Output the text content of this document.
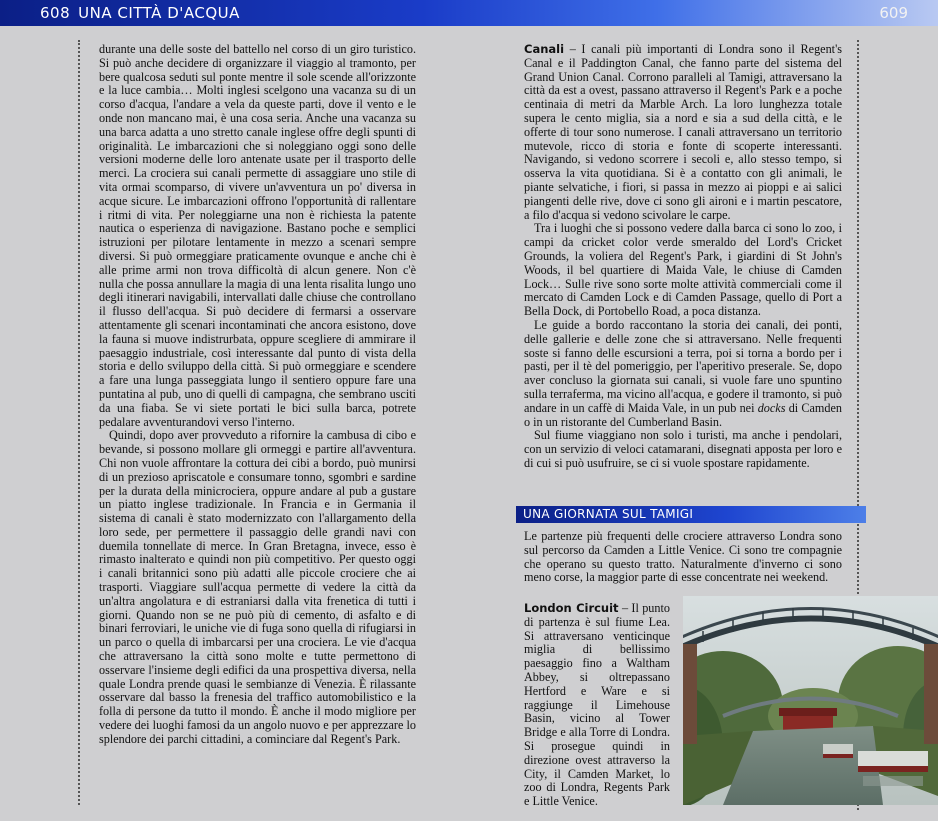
608 UNA CITTÀ D'ACQUA	609

durante una delle soste del battello nel corso di un giro turistico. Si può anche decidere di organizzare il viaggio al tramonto, per bere qualcosa seduti sul ponte mentre il sole scende all'orizzonte e la luce cambia… Molti inglesi scelgono una vacanza su di un corso d'acqua, l'andare a vela da queste parti, dove il vento e le onde non mancano mai, è una cosa seria. Anche una vacanza su una barca adatta a uno stretto canale inglese offre degli spunti di originalità. Le imbarcazioni che si noleggiano oggi sono delle versioni moderne delle loro antenate usate per il trasporto delle merci. La crociera sui canali permette di assaggiare uno stile di vita ormai scomparso, di vivere un'avventura un po' diversa in acque sicure. Le imbarcazioni offrono l'opportunità di rallentare i ritmi di vita. Per noleggiarne una non è richiesta la patente nautica o esperienza di navigazione. Bastano poche e semplici istruzioni per pilotare lentamente in mezzo a scenari sempre diversi. Si può ormeggiare praticamente ovunque e anche chi è alle prime armi non trova difficoltà di alcun genere. Non c'è nulla che possa annullare la magia di una lenta risalita lungo uno degli itinerari navigabili, intervallati dalle chiuse che controllano il flusso dell'acqua. Si può decidere di fermarsi a osservare attentamente gli scenari incontaminati che ancora esistono, dove la fauna si muove indistrurbata, oppure scegliere di ammirare il paesaggio industriale, così interessante dal punto di vista della storia e dello sviluppo della città. Si può ormeggiare e scendere a fare una lunga passeggiata lungo il sentiero oppure fare una puntatina al pub, uno di quelli di campagna, che sembrano usciti da una fiaba. Se vi siete portati le bici sulla barca, potrete pedalare avventurandovi verso l'interno.

Quindi, dopo aver provveduto a rifornire la cambusa di cibo e bevande, si possono mollare gli ormeggi e partire all'avventura. Chi non vuole affrontare la cottura dei cibi a bordo, può munirsi di un prezioso apriscatole e consumare tonno, sgombri e sardine per la durata della minicrociera, oppure andare al pub a gustare un piatto inglese tradizionale. In Francia e in Germania il sistema di canali è stato modernizzato con l'allargamento della loro sede, per permettere il passaggio delle grandi navi con duemila tonnellate di merce. In Gran Bretagna, invece, esso è rimasto inalterato e quindi non più competitivo. Per questo oggi i canali britannici sono più adatti alle piccole crociere che ai trasporti. Viaggiare sull'acqua permette di vedere la città da un'altra angolatura e di estraniarsi dalla vita frenetica di tutti i giorni. Quando non se ne può più di cemento, di asfalto e di binari ferroviari, le uniche vie di fuga sono quella di rifugiarsi in un parco o quella di imbarcarsi per una crociera. Le vie d'acqua che attraversano la città sono molte e tutte permettono di osservare l'insieme degli edifici da una prospettiva diversa, nella quale Londra prende quasi le sembianze di Venezia. È rilassante osservare dal basso la frenesia del traffico automobilistico e la folla di persone da tutto il mondo. È anche il modo migliore per vedere dei luoghi famosi da un angolo nuovo e per apprezzare lo splendore dei parchi cittadini, a cominciare dal Regent's Park.

Canali – I canali più importanti di Londra sono il Regent's Canal e il Paddington Canal, che fanno parte del sistema del Grand Union Canal. Corrono paralleli al Tamigi, attraversano la città da est a ovest, passano attraverso il Regent's Park e a poche centinaia di metri da Marble Arch. La loro lunghezza totale supera le cento miglia, sia a nord e sia a sud della città, e le offerte di tour sono numerose. I canali attraversano un territorio mutevole, ricco di storia e fonte di scoperte interessanti. Navigando, si vedono scorrere i secoli e, allo stesso tempo, si osserva la vita quotidiana. Si è a contatto con gli animali, le piante selvatiche, i fiori, si passa in mezzo ai pioppi e ai salici piangenti delle rive, dove ci sono gli aironi e i martin pescatore, a filo d'acqua si vedono scivolare le carpe.

Tra i luoghi che si possono vedere dalla barca ci sono lo zoo, i campi da cricket color verde smeraldo del Lord's Cricket Grounds, la voliera del Regent's Park, i giardini di St John's Woods, il bel quartiere di Maida Vale, le chiuse di Camden Lock… Sulle rive sono sorte molte attività commerciali come il mercato di Camden Lock e di Camden Passage, quello di Port a Bella Dock, di Portobello Road, a poca distanza.

Le guide a bordo raccontano la storia dei canali, dei ponti, delle gallerie e delle zone che si attraversano. Nelle frequenti soste si fanno delle escursioni a terra, poi si torna a bordo per i pasti, per il tè del pomeriggio, per l'aperitivo preserale. Se, dopo aver concluso la giornata sui canali, si vuole fare uno spuntino sulla terraferma, ma vicino all'acqua, e godere il tramonto, si può andare in un caffè di Maida Vale, in un pub nei docks di Camden o in un ristorante del Cumberland Basin.

Sul fiume viaggiano non solo i turisti, ma anche i pendolari, con un servizio di veloci catamarani, disegnati apposta per loro e di cui si può usufruire, se ci si vuole spostare rapidamente.

UNA GIORNATA SUL TAMIGI

Le partenze più frequenti delle crociere attraverso Londra sono sul percorso da Camden a Little Venice. Ci sono tre compagnie che operano su questo tratto. Naturalmente d'inverno ci sono meno corse, la maggior parte di esse concentrate nei weekend.

London Circuit – Il punto di partenza è sul fiume Lea. Si attraversano venticinque miglia di bellissimo paesaggio fino a Waltham Abbey, si oltrepassano Hertford e Ware e si raggiunge il Limehouse Basin, vicino al Tower Bridge e alla Torre di Londra. Si prosegue quindi in direzione ovest attraverso la City, il Camden Market, lo zoo di Londra, Regents Park e Little Venice.
